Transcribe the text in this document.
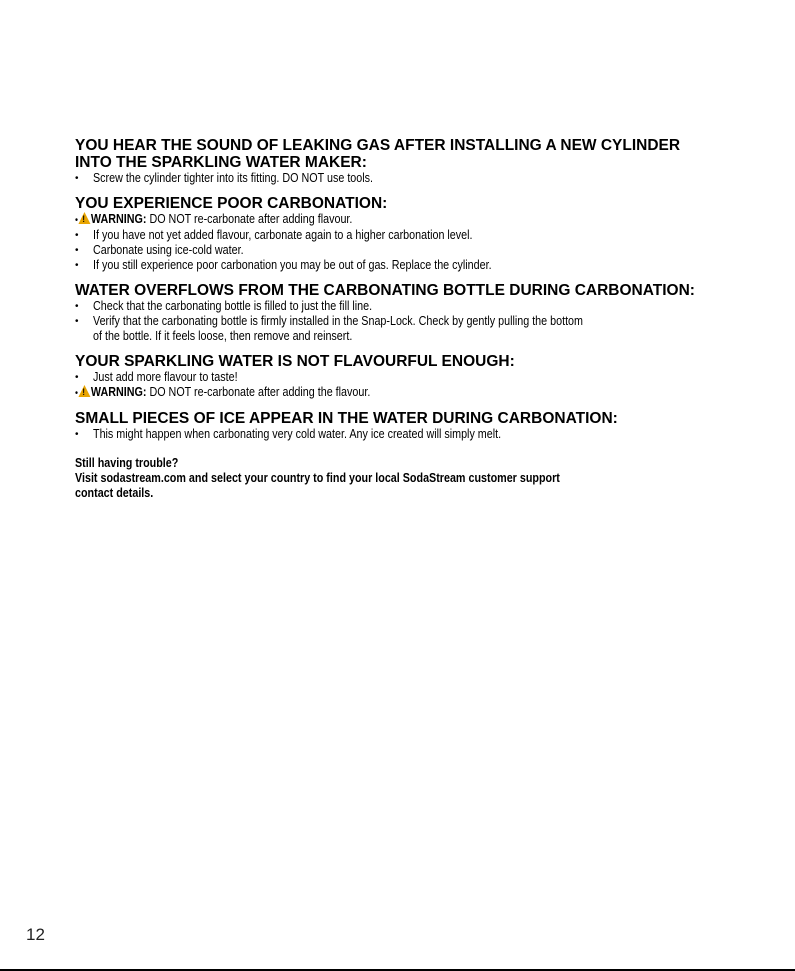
YOU HEAR THE SOUND OF LEAKING GAS AFTER INSTALLING A NEW CYLINDER
INTO THE SPARKLING WATER MAKER:
•	Screw the cylinder tighter into its fitting. DO NOT use tools.
YOU EXPERIENCE POOR CARBONATION:
• ! WARNING: DO NOT re-carbonate after adding flavour.
•	If you have not yet added flavour, carbonate again to a higher carbonation level.
•	Carbonate using ice-cold water.
•	If you still experience poor carbonation you may be out of gas. Replace the cylinder.
WATER OVERFLOWS FROM THE CARBONATING BOTTLE DURING CARBONATION:
•	Check that the carbonating bottle is filled to just the fill line.
•	Verify that the carbonating bottle is firmly installed in the Snap-Lock. Check by gently pulling the bottom
of the bottle. If it feels loose, then remove and reinsert.
YOUR SPARKLING WATER IS NOT FLAVOURFUL ENOUGH:
•	Just add more flavour to taste!
• ! WARNING: DO NOT re-carbonate after adding the flavour.
SMALL PIECES OF ICE APPEAR IN THE WATER DURING CARBONATION:
•	This might happen when carbonating very cold water. Any ice created will simply melt.
Still having trouble?
Visit sodastream.com and select your country to find your local SodaStream customer support
contact details.
12
